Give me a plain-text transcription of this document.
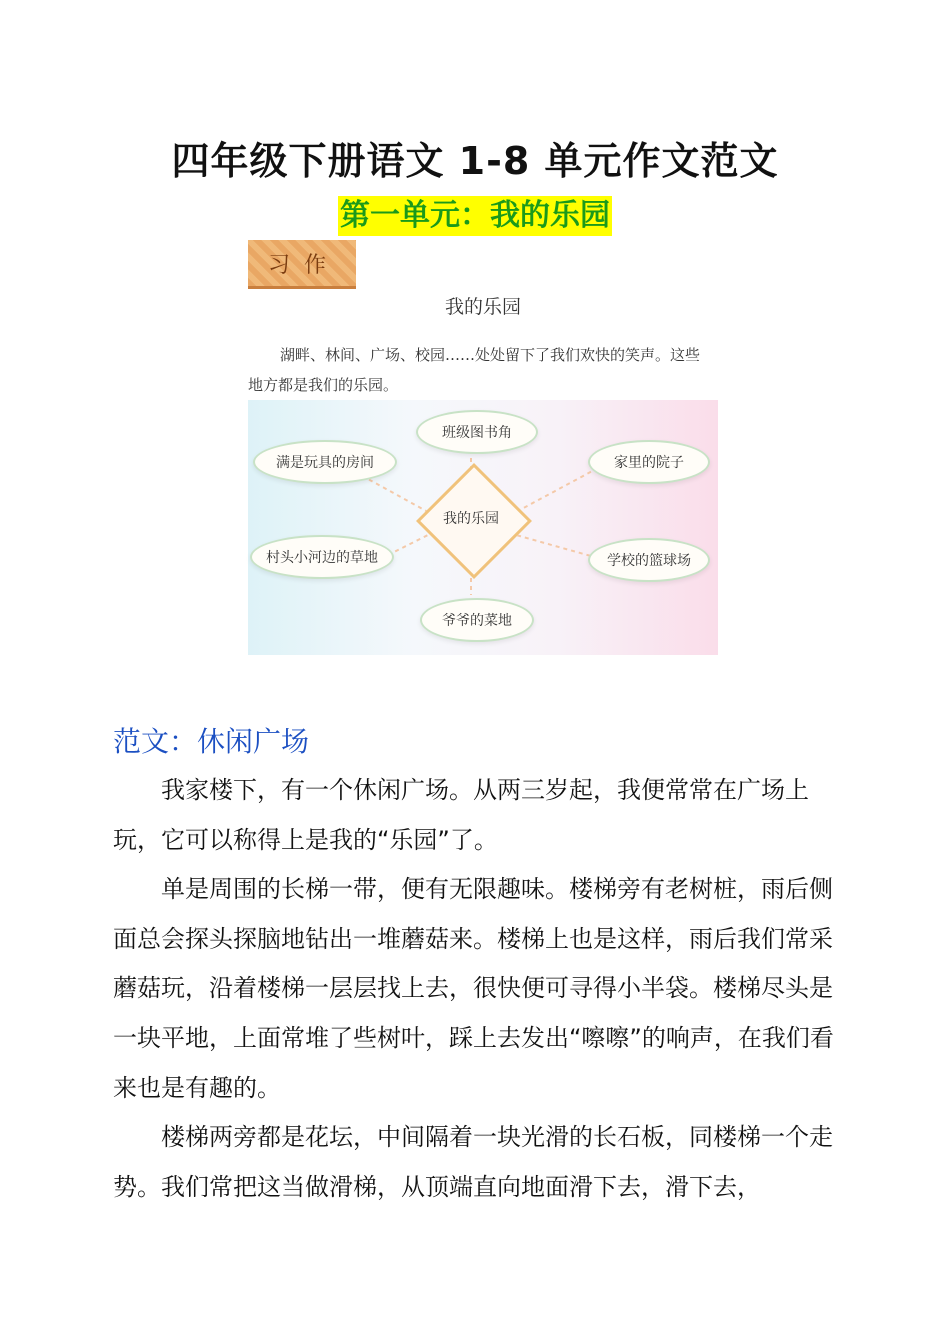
四年级下册语文 1-8 单元作文范文
第一单元：我的乐园
习作
我的乐园
湖畔、林间、广场、校园……处处留下了我们欢快的笑声。这些地方都是我们的乐园。
班级图书角
满是玩具的房间	家里的院子
我的乐园
村头小河边的草地	学校的篮球场
爷爷的菜地
范文：休闲广场

我家楼下，有一个休闲广场。从两三岁起，我便常常在广场上玩，它可以称得上是我的“乐园”了。

单是周围的长梯一带，便有无限趣味。楼梯旁有老树桩，雨后侧面总会探头探脑地钻出一堆蘑菇来。楼梯上也是这样，雨后我们常采蘑菇玩，沿着楼梯一层层找上去，很快便可寻得小半袋。楼梯尽头是一块平地，上面常堆了些树叶，踩上去发出“嚓嚓”的响声，在我们看来也是有趣的。

楼梯两旁都是花坛，中间隔着一块光滑的长石板，同楼梯一个走势。我们常把这当做滑梯，从顶端直向地面滑下去，滑下去，
